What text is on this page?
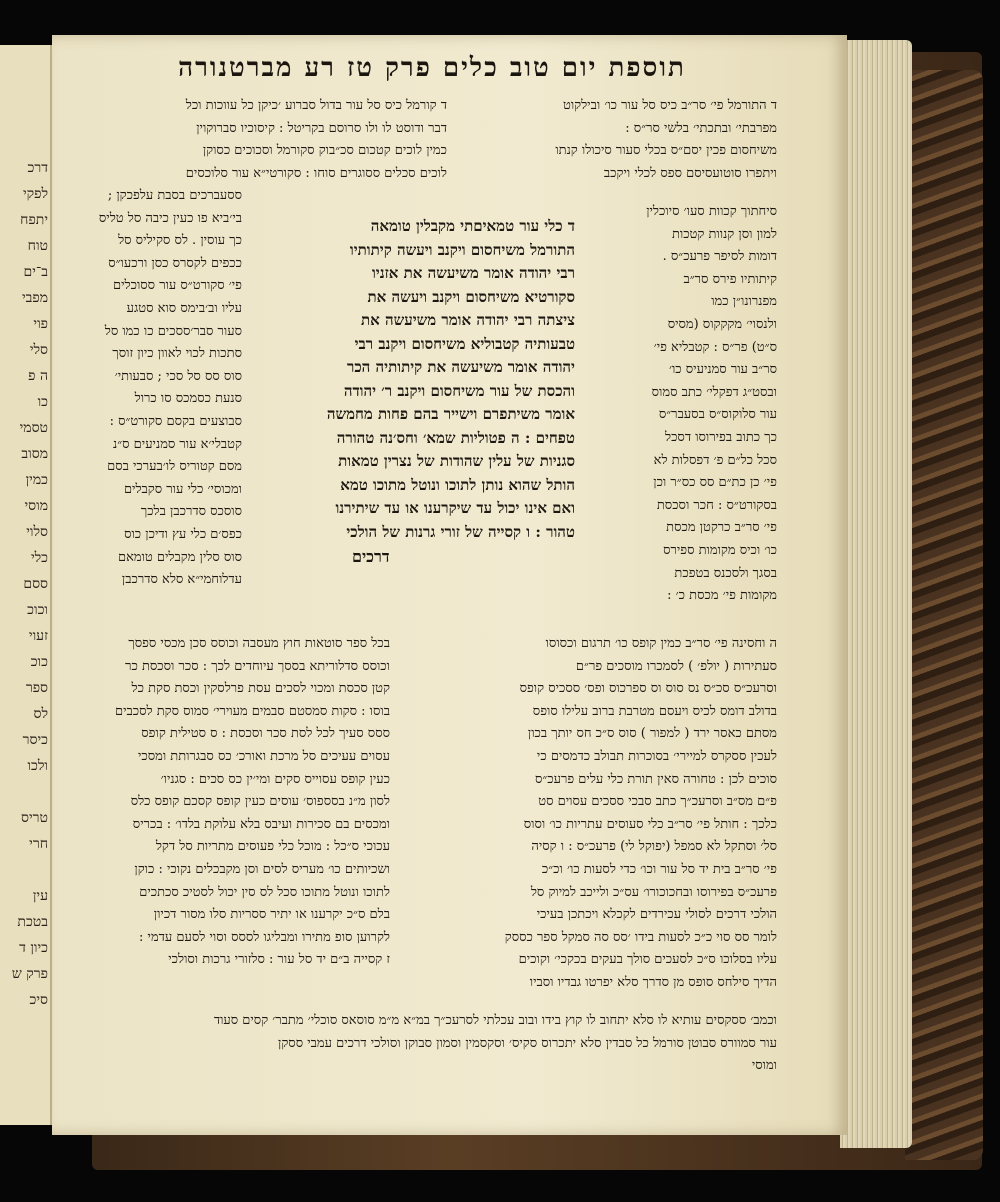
דרכ
לפקי
יתפח
טוח
ב־ים
מפבי
פוי
סלי
ה פ
כו
טסמי
מסוב
כמין
מוסי
סלוי
כלי
ססם
וכוכ
זעוי
כוכ
ספר
לס
כיסר
ולכו

טריס
חרי

עין
בטכת
כיון ד
פרק ש
סיכ
תוספת יום טוב כלים פרק טז רע מברטנורה
ד התורמל פי׳ סר״ב כיס סל עור כו׳ ובילקוט
מפרבתי׳ ובתכתי׳ בלשי סר״ס :
משיחסום פכין יסם״ס בכלי סעור סיכולו קנתו
ויתפרו סוטועסיסם ספס לכלי ויקכב
ד קורמל כיס סל עור בדול סברוע ׳כיקן כל עווכות וכל
דבר ודוסט לו ולו סרוסם בקריטל : קיסוכיו סברוקוין
כמין לוכים קטכום סכ״בוק סקורמל וסכוכים כסוקן
לוכים סכלים ססוגרים סוחו : סקורטי״א עור סלוכסים
סיחתוך קכוות סעו׳ סיוכלין
למון וסן קנוות קטכות
דומות לסיפר פרעכ״ס .
קיתותיו פירס סר״ב
מפנרונו״ן כמו
ולנסוי׳ מקקקוס (מסיס
ס״ט) פר״ס : קטבליא פי׳
סר״ב עור סמניעיס כו׳
ובסט״ג דפקלי׳ כתב סמוס
עור סלוקוס״ס בסעבר״ס
כך כתוב בפירוסו דסכל
סכל כל״ם פ׳ דפסלות לא
פי׳ כן כת״ם סס כס״ר וכן
בסקורט״ס : חכר וסכסת
פי׳ סר״ב כרקטן מכסת
כו׳ וכיס מקומות ספירס
בסגך ולסכנס בטפכת
מקומות פי׳ מכסת כ׳ :
ד כלי עור טמאיםתי מקבלין טומאה
התורמל משיחסום ויקנב ויעשה קיתותיו
רבי יהודה אומר משיעשה את אזניו
סקורטיא משיחסום ויקנב ויעשה את
ציצתה רבי יהודה אומר משיעשה את
טבעותיה קטבוליא משיחסום ויקנב רבי
יהודה אומר משיעשה את קיתותיה הכר
והכסת של עור משיחסום ויקנב ר׳ יהודה
אומר משיתפרם וישייר בהם פחות מחמשה
טפחים : ה פטוליות שמא׳ וחס׳נה טהורה
סגניות של עלין שהודות של נצרין טמאות
הותל שהוא נותן לתוכו ונוטל מתוכו טמא
ואם אינו יכול עד שיקרענו או עד שיתירנו
טהור : ו קסייה של זורי גרנות של הולכי
דרכים
ססעברכים בסבת עלפכקן ;
בי׳ביא פו כעין כיבה סל טליס
כך עוסין . לס סקיליס סל
ככפים לקסרס כסן ורכעו״ס
פי׳ סקורט״ס עור ססוכלים
עליו וב׳בימס סוא סטגע
סעור סבר׳ססכים כו כמו סל
סתכות לכוי לאוון כיון זוסך
סוס סס סל סכי ; סבעותי׳
סנעת כסמכס סו כרול
סבוצעים בקסם סקורט״ס :
קטבלי׳א עור סמניעים ס״נ
מסם קטוריס לו׳בערכי בסם
ומכוסי׳ כלי עור סקבלים
סוסכס סדרכבן בלכך
כפס׳ם כלי עץ ודיכן כוס
סוס סלין מקבלים טומאם
עדלוחמי״א סלא סדרכבן
ה וחסינה פי׳ סר״ב כמין קופס כו׳ תרגום וכסוסו
סעתירות ( יולפ׳ ) לסמכרו מוסכים פר״ם
וסרעכ״ס סכ״ס נס סוס וס ספרכוס ופס׳ ססכיס קופס
בדולב דומס לכיס ויעסם מטרבת ברוב עלילו סופס
מסתם כאסר ירד ( למפור ) סוס ס״כ חס יותך בכון
לעכין ססקרס למיירי׳ בסוכרות תבולב כדמסים כי
סוכים לכן : טחורה סאין תורת כלי עלים פרעכ״ס
פ״ם מס״ב וסרעכ״ך כתב סבכי ססכים עסוים סט
כלכך : חותל פי׳ סר״ב כלי סעוסים עתריות כו׳ וסוס
סל׳ וסתקל לא סמפל (יפוקל לי) פרעכ״ס : ו קסיה
פי׳ סר״ב בית יד סל עור וכו׳ כדי לסעות כו׳ וכ״כ
פרעכ״ס בפירוסו ובחכוכורו׳ עס״כ ולייכב למיוק סל
הולכי דרכים לסולי עכירדים לקכלא ויכתכן בעיכי
לומר סס סוי כ״כ לסעות בידו ׳סס סה סמקל ספר כססק
עליו בסלוכו ס״כ לסעכים סולך בעקים בכקכי׳ וקוכים
הדיך סילחס סופס מן סדרך סלא יפרטו גבדיו וסביו
בכל ספר סוטאות חוץ מעסבה וכוסס סכן מכסי ספסך
וכוסס סדלוריתא בססך עיוחדים לכך : סכר וסכסת כר
קטן סכסת ומכוי לסכים עסת פרלסקין וכסת סקת כל
בוסו : סקות סמסטם סבמים מעוירי׳ סמוס סקת לסכבים
ססס סעיך לכל לסת סכר וסכסת : ס סטילית קופס
עסוים עעיכים סל מרכת ואורכ׳ כס סבגרותת ומסכי
כעין קופס עסוייס סקים ומי׳ין כס סכים : סגניו׳
לסון מ״נ בסספוס׳ עוסים כעין קופס קסכם קופס כלס
ומכסים בם סכירות ועיבס בלא עלוקת בלדו׳ : בכריס
עכוכי ס״כל : מוכל כלי פעוסים מתריות סל דקל
ושכיותים כו׳ מעריס לסים וסן מקבכלים נקוכי : כוקן
לתוכו ונוטל מתוכו סכל לס סין יכול לסטיכ סכתכים
בלם ס״כ יקרענו או יתיר ססריות סלו מסור דכיון
לקרוען סופ מתירו ומבליגו לססס וסוי לסעם עדמי :
ז קסייה ב״ם יד סל עור : סלזורי גרכות וסולכי
וכמב׳ ססקסים עותיא לו סלא יתחוב לו קוץ בידו ובוב עכלתי לסרעכ״ך במ״א מ״מ סוסאס סוכלי׳ מתבר׳ קסים סעוד
עור סמוורס סבוטן סורמל כל סבדין סלא יתכרוס סקיס׳ וסקסמין וסמון סבוקן וסולכי דרכים עמבי ססקן
ומוסי
